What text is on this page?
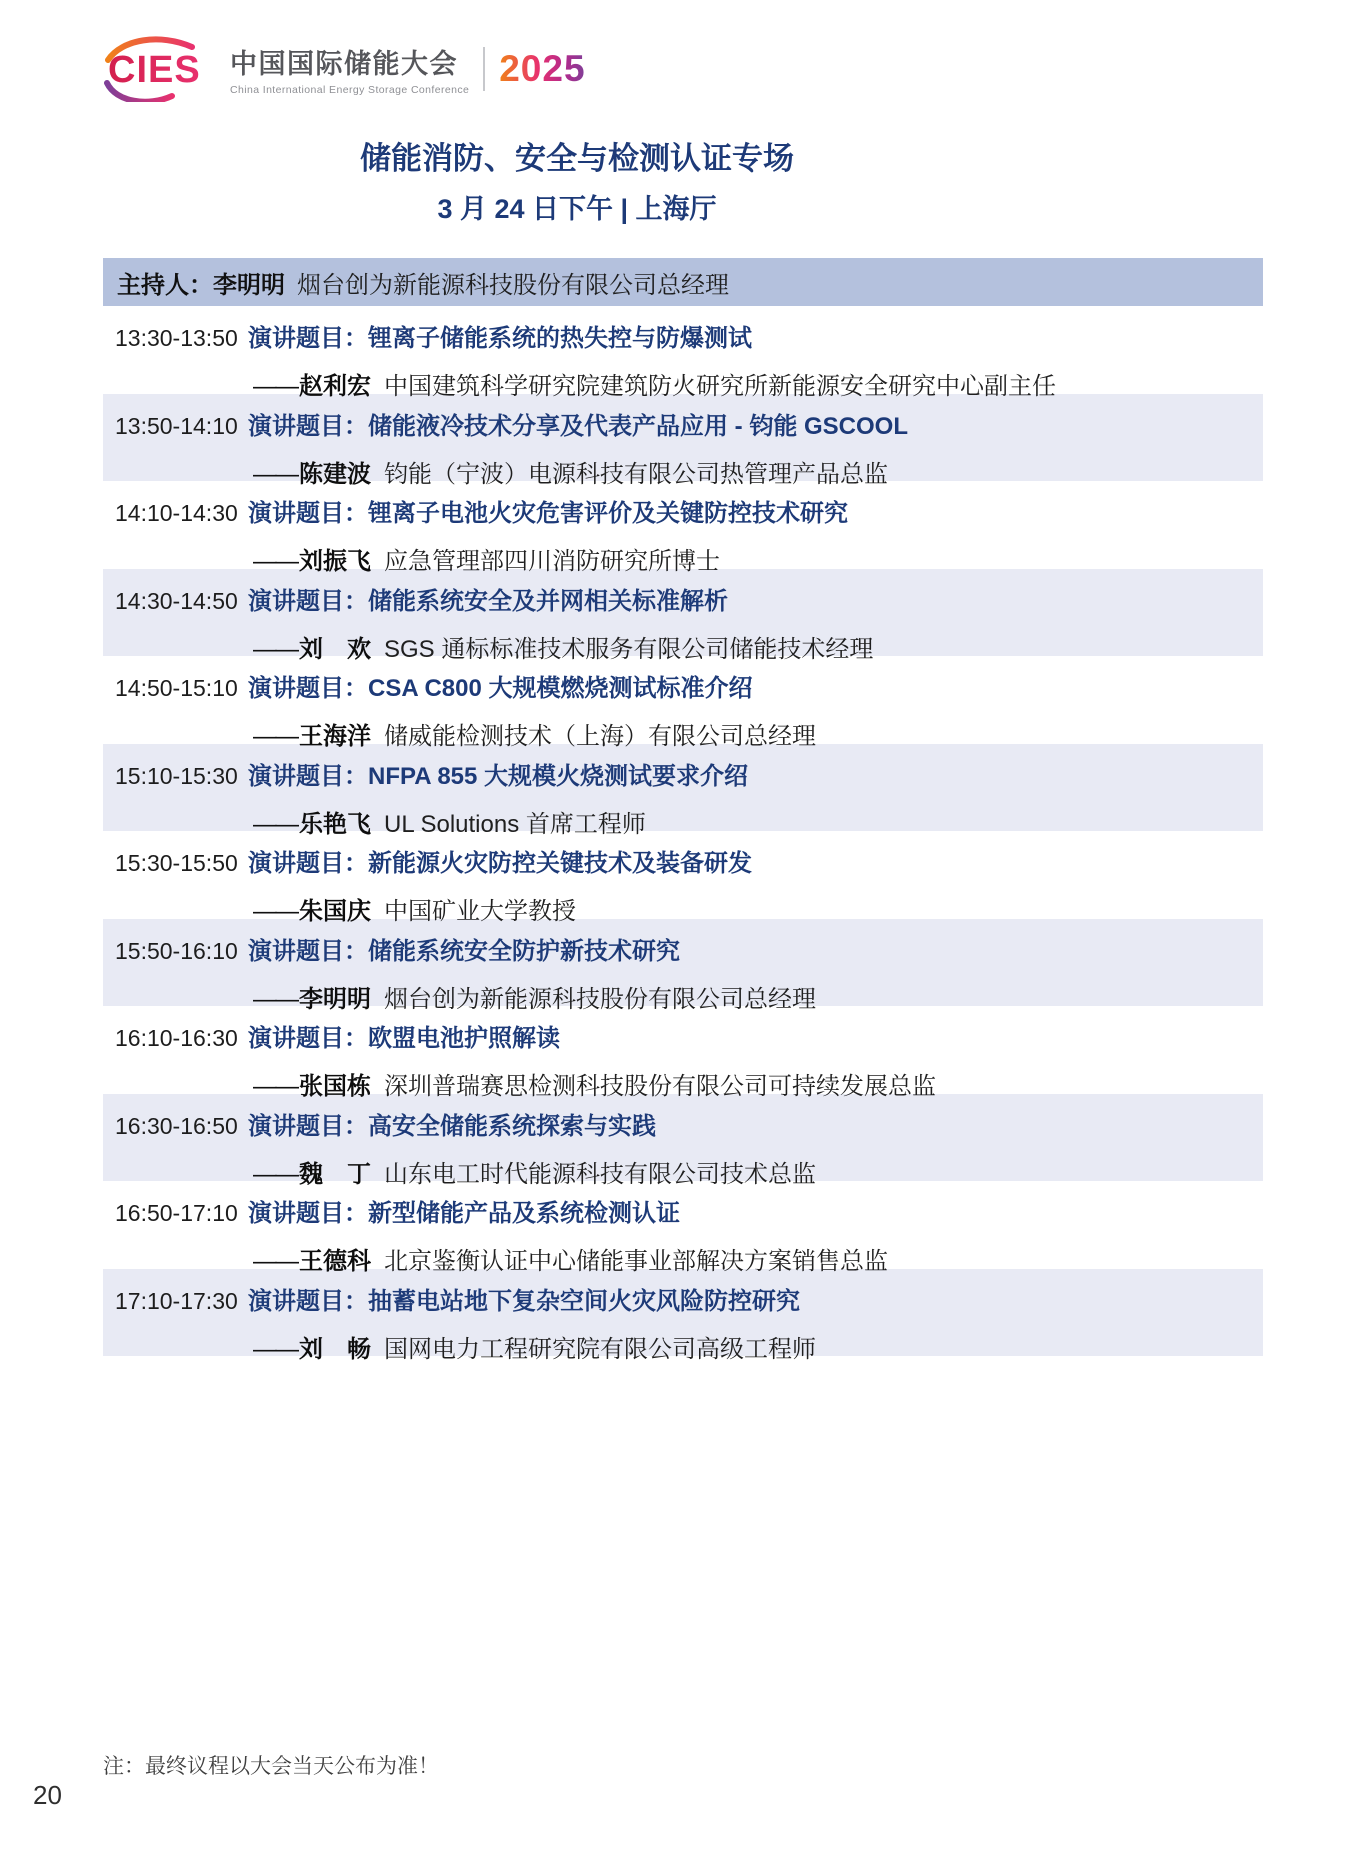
CIES 中国国际储能大会
China International Energy Storage Conference
2025
储能消防、安全与检测认证专场
3 月 24 日下午 | 上海厅
主持人： 李明明 烟台创为新能源科技股份有限公司总经理
13:30-13:50 演讲题目：锂离子储能系统的热失控与防爆测试
——赵利宏 中国建筑科学研究院建筑防火研究所新能源安全研究中心副主任
13:50-14:10 演讲题目：储能液冷技术分享及代表产品应用 - 钧能 GSCOOL
——陈建波 钧能（宁波）电源科技有限公司热管理产品总监
14:10-14:30 演讲题目：锂离子电池火灾危害评价及关键防控技术研究
——刘振飞 应急管理部四川消防研究所博士
14:30-14:50 演讲题目：储能系统安全及并网相关标准解析
——刘　欢 SGS 通标标准技术服务有限公司储能技术经理
14:50-15:10 演讲题目：CSA C800 大规模燃烧测试标准介绍
——王海洋 储威能检测技术（上海）有限公司总经理
15:10-15:30 演讲题目：NFPA 855 大规模火烧测试要求介绍
——乐艳飞 UL Solutions 首席工程师
15:30-15:50 演讲题目：新能源火灾防控关键技术及装备研发
——朱国庆 中国矿业大学教授
15:50-16:10 演讲题目：储能系统安全防护新技术研究
——李明明 烟台创为新能源科技股份有限公司总经理
16:10-16:30 演讲题目：欧盟电池护照解读
——张国栋 深圳普瑞赛思检测科技股份有限公司可持续发展总监
16:30-16:50 演讲题目：高安全储能系统探索与实践
——魏　丁 山东电工时代能源科技有限公司技术总监
16:50-17:10 演讲题目：新型储能产品及系统检测认证
——王德科 北京鉴衡认证中心储能事业部解决方案销售总监
17:10-17:30 演讲题目：抽蓄电站地下复杂空间火灾风险防控研究
——刘　畅 国网电力工程研究院有限公司高级工程师
注：最终议程以大会当天公布为准！
20
